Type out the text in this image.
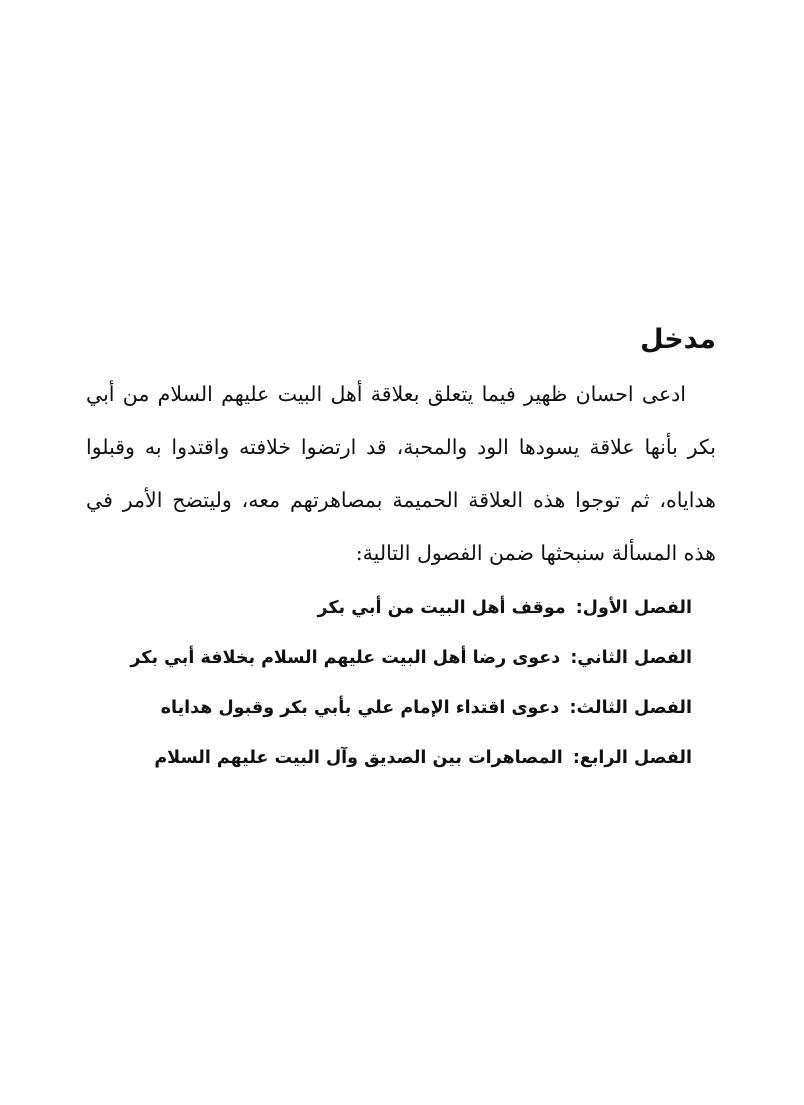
مدخل

ادعى احسان ظهير فيما يتعلق بعلاقة أهل البيت عليهم السلام من أبي بكر بأنها علاقة يسودها الود والمحبة، قد ارتضوا خلافته واقتدوا به وقبلوا هداياه، ثم توجوا هذه العلاقة الحميمة بمصاهرتهم معه، وليتضح الأمر في هذه المسألة سنبحثها ضمن الفصول التالية:

الفصل الأول: موقف أهل البيت من أبي بكر
الفصل الثاني: دعوى رضا أهل البيت عليهم السلام بخلافة أبي بكر
الفصل الثالث: دعوى اقتداء الإمام علي بأبي بكر وقبول هداياه
الفصل الرابع: المصاهرات بين الصديق وآل البيت عليهم السلام
